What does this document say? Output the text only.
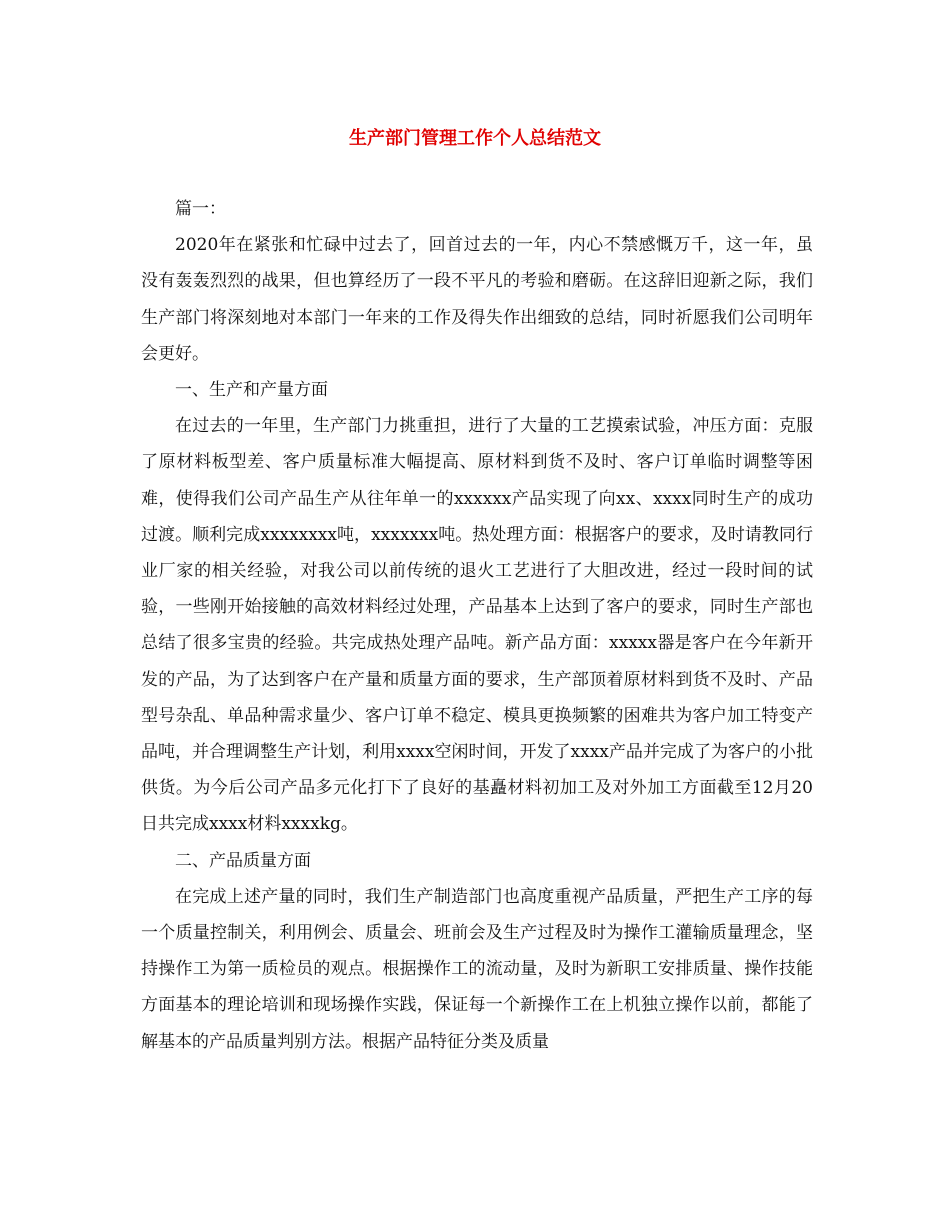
生产部门管理工作个人总结范文

篇一：

2020年在紧张和忙碌中过去了，回首过去的一年，内心不禁感慨万千，这一年，虽没有轰轰烈烈的战果，但也算经历了一段不平凡的考验和磨砺。在这辞旧迎新之际，我们生产部门将深刻地对本部门一年来的工作及得失作出细致的总结，同时祈愿我们公司明年会更好。

一、生产和产量方面

在过去的一年里，生产部门力挑重担，进行了大量的工艺摸索试验，冲压方面：克服了原材料板型差、客户质量标准大幅提高、原材料到货不及时、客户订单临时调整等困难，使得我们公司产品生产从往年单一的xxxxxx产品实现了向xx、xxxx同时生产的成功过渡。顺利完成xxxxxxxx吨，xxxxxxx吨。热处理方面：根据客户的要求，及时请教同行业厂家的相关经验，对我公司以前传统的退火工艺进行了大胆改进，经过一段时间的试验，一些刚开始接触的高效材料经过处理，产品基本上达到了客户的要求，同时生产部也总结了很多宝贵的经验。共完成热处理产品吨。新产品方面：xxxxx器是客户在今年新开发的产品，为了达到客户在产量和质量方面的要求，生产部顶着原材料到货不及时、产品型号杂乱、单品种需求量少、客户订单不稳定、模具更换频繁的困难共为客户加工特变产品吨，并合理调整生产计划，利用xxxx空闲时间，开发了xxxx产品并完成了为客户的小批供货。为今后公司产品多元化打下了良好的基矗材料初加工及对外加工方面截至12月20日共完成xxxx材料xxxxkg。

二、产品质量方面

在完成上述产量的同时，我们生产制造部门也高度重视产品质量，严把生产工序的每一个质量控制关，利用例会、质量会、班前会及生产过程及时为操作工灌输质量理念，坚持操作工为第一质检员的观点。根据操作工的流动量，及时为新职工安排质量、操作技能方面基本的理论培训和现场操作实践，保证每一个新操作工在上机独立操作以前，都能了解基本的产品质量判别方法。根据产品特征分类及质量
